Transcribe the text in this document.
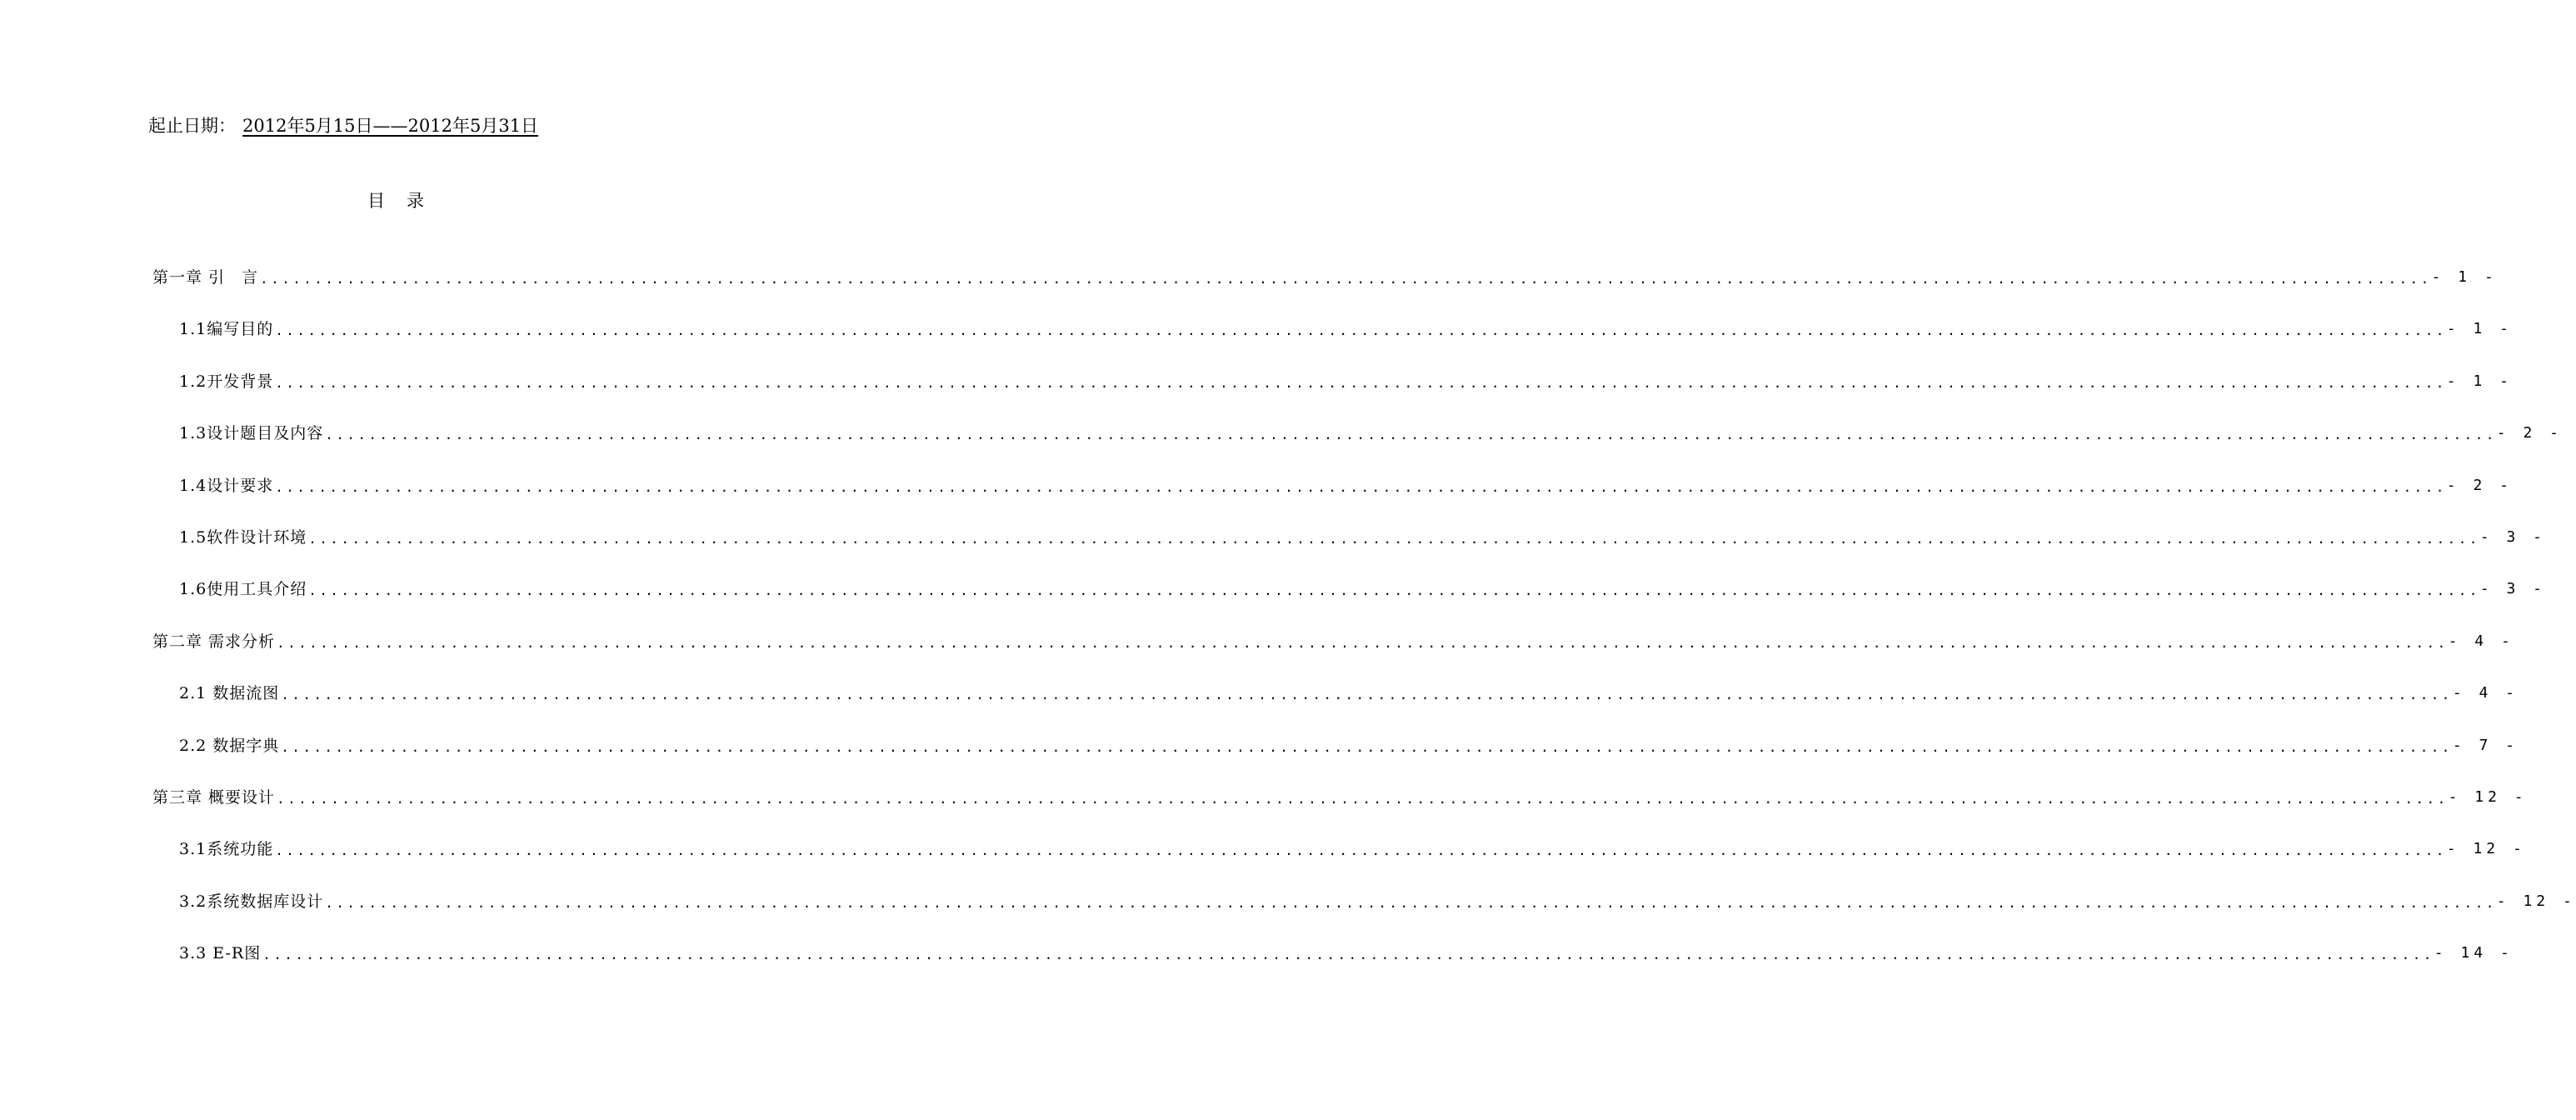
起止日期： 2012年5月15日——2012年5月31日
目录
第一章 引　言 ........................................................................................................................................................................................................ - 1 -
1.1编写目的 ........................................................................................................................................................................................................ - 1 -
1.2开发背景 ........................................................................................................................................................................................................ - 1 -
1.3设计题目及内容 ........................................................................................................................................................................................................ - 2 -
1.4设计要求 ........................................................................................................................................................................................................ - 2 -
1.5软件设计环境 ........................................................................................................................................................................................................ - 3 -
1.6使用工具介绍 ........................................................................................................................................................................................................ - 3 -
第二章 需求分析 ........................................................................................................................................................................................................ - 4 -
2.1 数据流图 ........................................................................................................................................................................................................ - 4 -
2.2 数据字典 ........................................................................................................................................................................................................ - 7 -
第三章 概要设计 ........................................................................................................................................................................................................ - 12 -
3.1系统功能 ........................................................................................................................................................................................................ - 12 -
3.2系统数据库设计 ........................................................................................................................................................................................................ - 12 -
3.3 E-R图 ........................................................................................................................................................................................................ - 14 -
